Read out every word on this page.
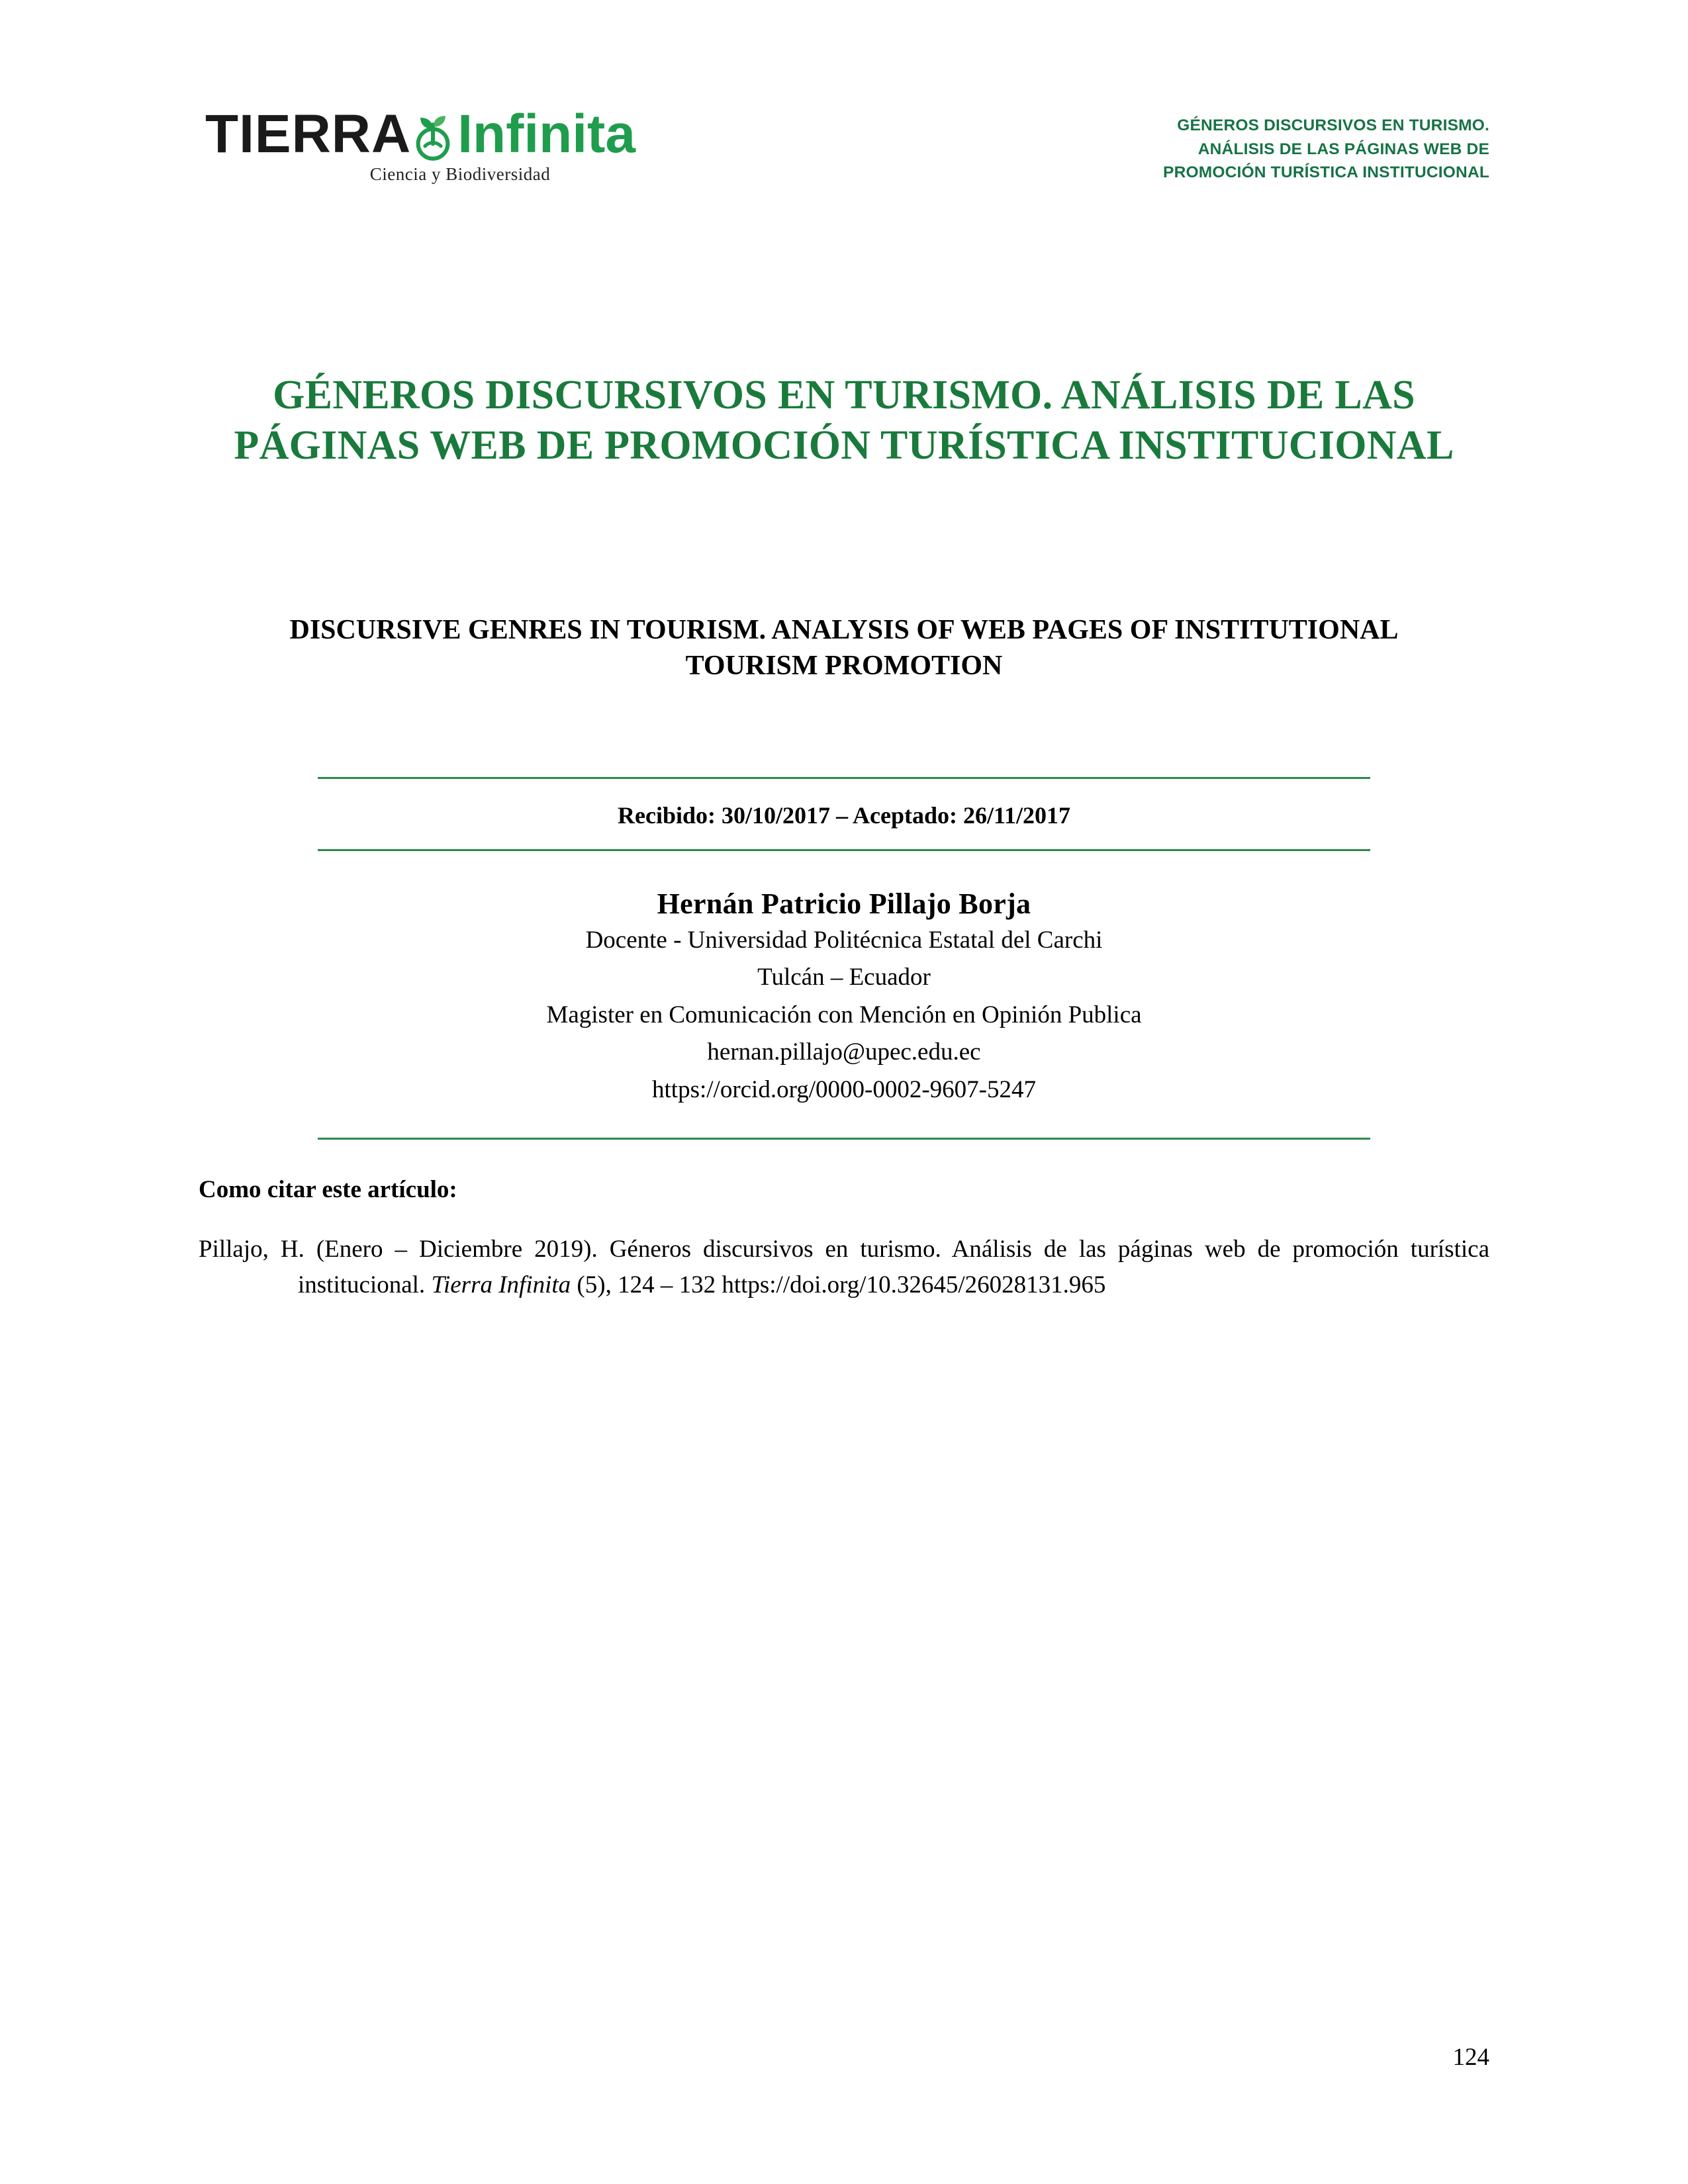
TIERRA Infinita
Ciencia y Biodiversidad
GÉNEROS DISCURSIVOS EN TURISMO. ANÁLISIS DE LAS PÁGINAS WEB DE PROMOCIÓN TURÍSTICA INSTITUCIONAL
GÉNEROS DISCURSIVOS EN TURISMO. ANÁLISIS DE LAS PÁGINAS WEB DE PROMOCIÓN TURÍSTICA INSTITUCIONAL
DISCURSIVE GENRES IN TOURISM. ANALYSIS OF WEB PAGES OF INSTITUTIONAL TOURISM PROMOTION
Recibido: 30/10/2017 – Aceptado: 26/11/2017
Hernán Patricio Pillajo Borja
Docente - Universidad Politécnica Estatal del Carchi
Tulcán – Ecuador
Magister en Comunicación con Mención en Opinión Publica
hernan.pillajo@upec.edu.ec
https://orcid.org/0000-0002-9607-5247
Como citar este artículo:
Pillajo, H. (Enero – Diciembre 2019). Géneros discursivos en turismo. Análisis de las páginas web de promoción turística institucional. Tierra Infinita (5), 124 – 132 https://doi.org/10.32645/26028131.965
124
